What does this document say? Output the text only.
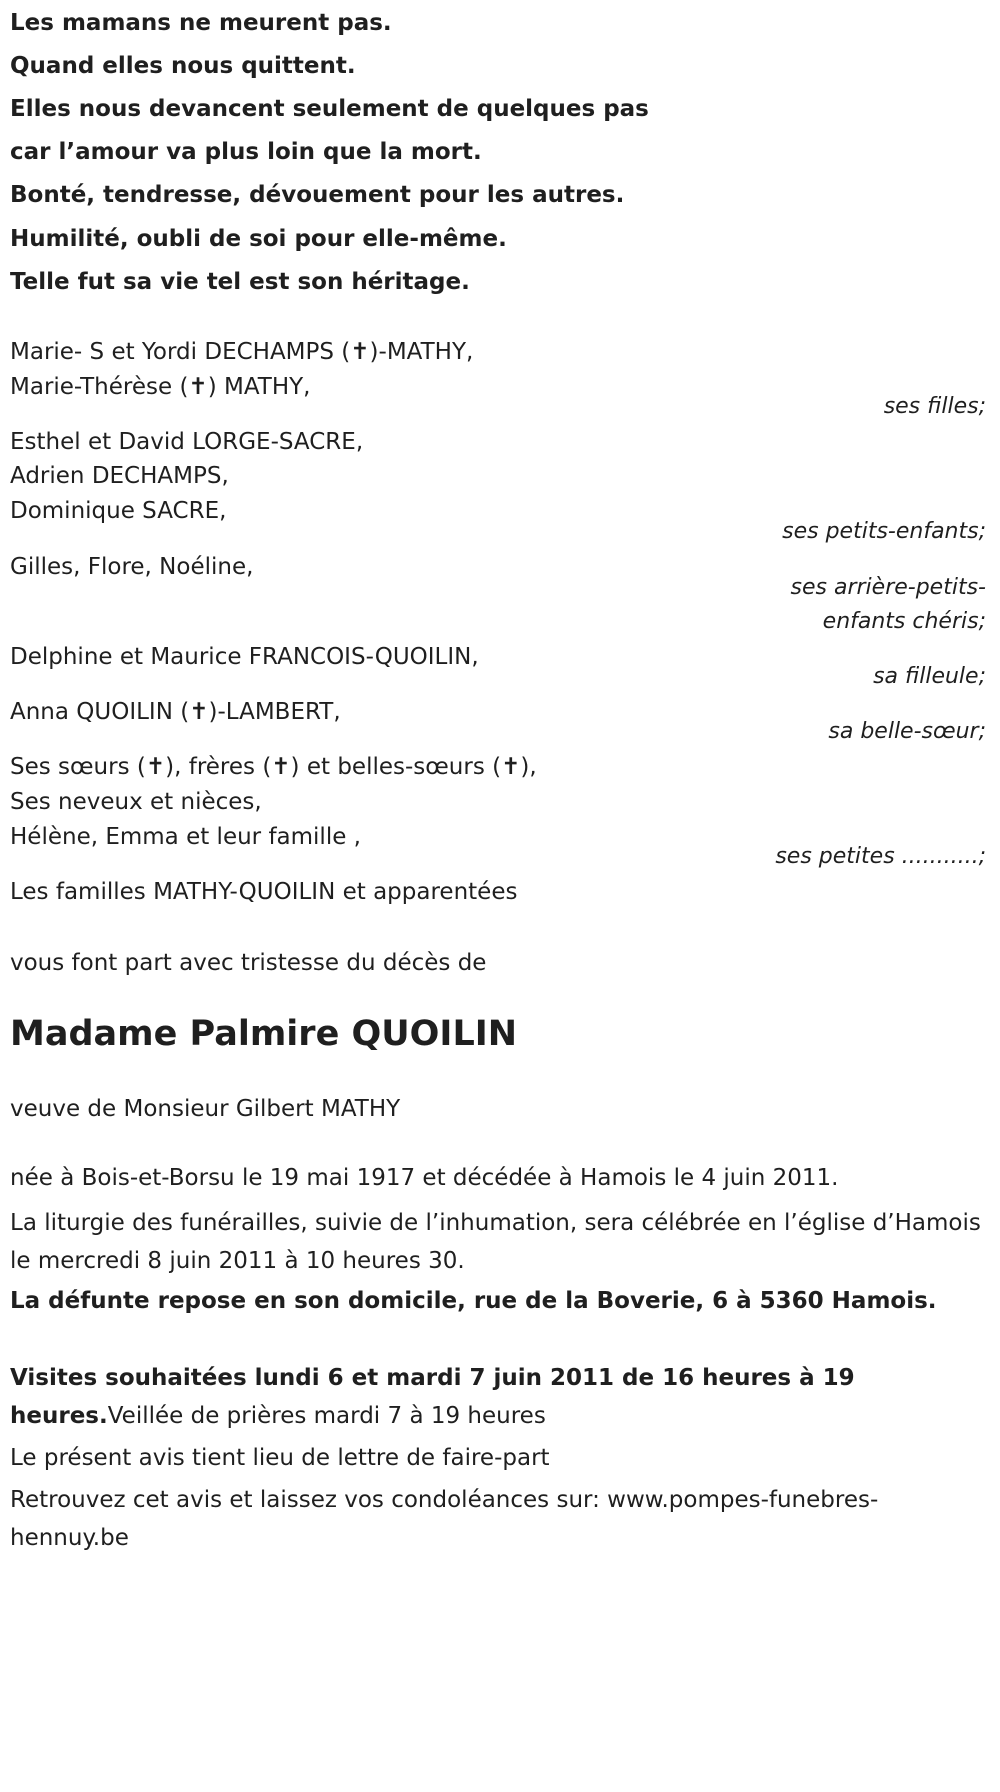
Les mamans ne meurent pas.
Quand elles nous quittent.
Elles nous devancent seulement de quelques pas
car l’amour va plus loin que la mort.
Bonté, tendresse, dévouement pour les autres.
Humilité, oubli de soi pour elle-même.
Telle fut sa vie tel est son héritage.
Marie- S et Yordi DECHAMPS (✝)-MATHY,
Marie-Thérèse (✝) MATHY,
ses filles;
Esthel et David LORGE-SACRE,
Adrien DECHAMPS,
Dominique SACRE,
ses petits-enfants;
Gilles, Flore, Noéline,
ses arrière-petits-
enfants chéris;
Delphine et Maurice FRANCOIS-QUOILIN,
sa filleule;
Anna QUOILIN (✝)-LAMBERT,
sa belle-sœur;
Ses sœurs (✝), frères (✝) et belles-sœurs (✝),
Ses neveux et nièces,
Hélène, Emma et leur famille ,
ses petites ...........;
Les familles MATHY-QUOILIN et apparentées
vous font part avec tristesse du décès de
Madame Palmire QUOILIN
veuve de Monsieur Gilbert MATHY
née à Bois-et-Borsu le 19 mai 1917 et décédée à Hamois le 4 juin 2011.
La liturgie des funérailles, suivie de l’inhumation, sera célébrée en l’église d’Hamois le mercredi 8 juin 2011 à 10 heures 30.
La défunte repose en son domicile, rue de la Boverie, 6 à 5360 Hamois.
Visites souhaitées lundi 6 et mardi 7 juin 2011 de 16 heures à 19 heures.Veillée de prières mardi 7 à 19 heures
Le présent avis tient lieu de lettre de faire-part
Retrouvez cet avis et laissez vos condoléances sur: www.pompes-funebres-hennuy.be
